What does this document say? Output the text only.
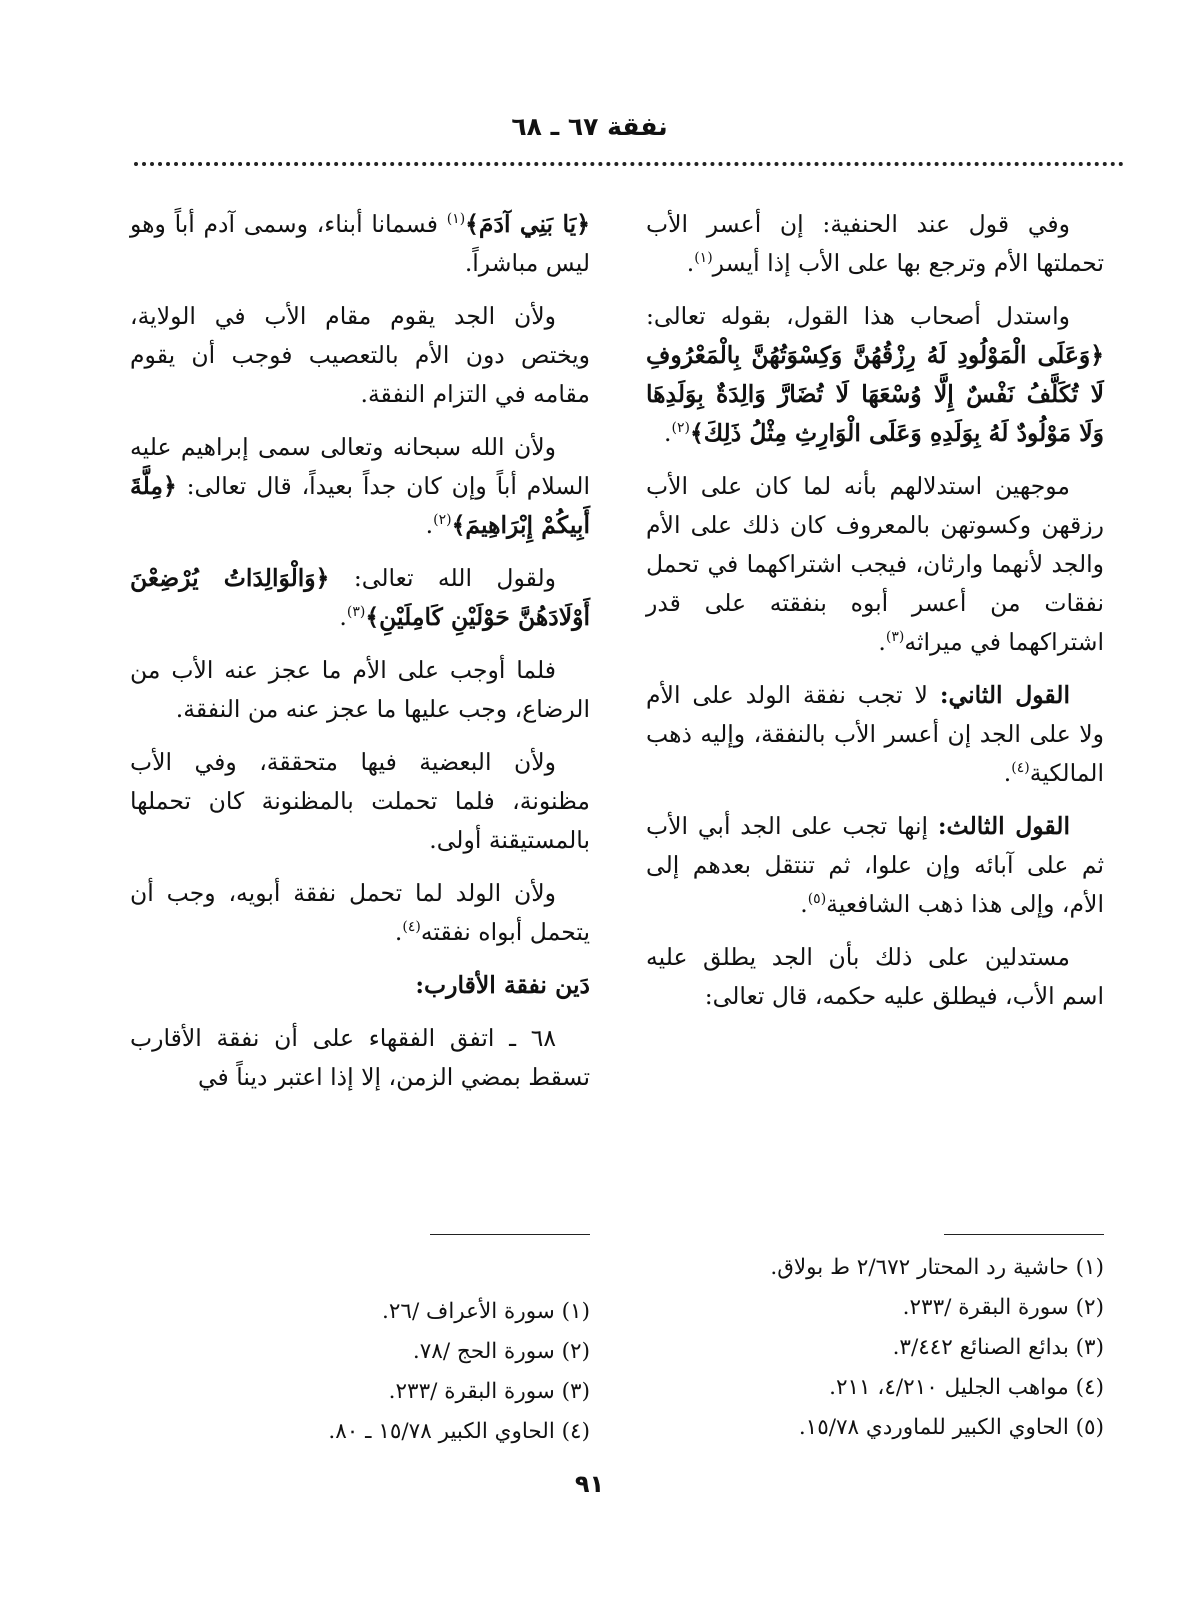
نفقة ٦٧ ـ ٦٨

وفي قول عند الحنفية: إن أعسر الأب تحملتها الأم وترجع بها على الأب إذا أيسر$^{(١)}$.

واستدل أصحاب هذا القول، بقوله تعالى: ﴿وَعَلَى الْمَوْلُودِ لَهُ رِزْقُهُنَّ وَكِسْوَتُهُنَّ بِالْمَعْرُوفِ لَا تُكَلَّفُ نَفْسٌ إِلَّا وُسْعَهَا لَا تُضَارَّ وَالِدَةٌ بِوَلَدِهَا وَلَا مَوْلُودٌ لَهُ بِوَلَدِهِ وَعَلَى الْوَارِثِ مِثْلُ ذَلِكَ﴾$^{(٢)}$.

موجهين استدلالهم بأنه لما كان على الأب رزقهن وكسوتهن بالمعروف كان ذلك على الأم والجد لأنهما وارثان، فيجب اشتراكهما في تحمل نفقات من أعسر أبوه بنفقته على قدر اشتراكهما في ميراثه$^{(٣)}$.

القول الثاني: لا تجب نفقة الولد على الأم ولا على الجد إن أعسر الأب بالنفقة، وإليه ذهب المالكية$^{(٤)}$.

القول الثالث: إنها تجب على الجد أبي الأب ثم على آبائه وإن علوا، ثم تنتقل بعدهم إلى الأم، وإلى هذا ذهب الشافعية$^{(٥)}$.

مستدلين على ذلك بأن الجد يطلق عليه اسم الأب، فيطلق عليه حكمه، قال تعالى:

﴿يَا بَنِي آدَمَ﴾$^{(١)}$ فسمانا أبناء، وسمى آدم أباً وهو ليس مباشراً.

ولأن الجد يقوم مقام الأب في الولاية، ويختص دون الأم بالتعصيب فوجب أن يقوم مقامه في التزام النفقة.

ولأن الله سبحانه وتعالى سمى إبراهيم عليه السلام أباً وإن كان جداً بعيداً، قال تعالى: ﴿مِلَّةَ أَبِيكُمْ إِبْرَاهِيمَ﴾$^{(٢)}$.

ولقول الله تعالى: ﴿وَالْوَالِدَاتُ يُرْضِعْنَ أَوْلَادَهُنَّ حَوْلَيْنِ كَامِلَيْنِ﴾$^{(٣)}$.

فلما أوجب على الأم ما عجز عنه الأب من الرضاع، وجب عليها ما عجز عنه من النفقة.

ولأن البعضية فيها متحققة، وفي الأب مظنونة، فلما تحملت بالمظنونة كان تحملها بالمستيقنة أولى.

ولأن الولد لما تحمل نفقة أبويه، وجب أن يتحمل أبواه نفقته$^{(٤)}$.

دَين نفقة الأقارب:

٦٨ ـ اتفق الفقهاء على أن نفقة الأقارب تسقط بمضي الزمن، إلا إذا اعتبر ديناً في

(١) حاشية رد المحتار ٢/٦٧٢ ط بولاق.
(٢) سورة البقرة /٢٣٣.
(٣) بدائع الصنائع ٣/٤٤٢.
(٤) مواهب الجليل ٤/٢١٠، ٢١١.
(٥) الحاوي الكبير للماوردي ١٥/٧٨.
(١) سورة الأعراف /٢٦.
(٢) سورة الحج /٧٨.
(٣) سورة البقرة /٢٣٣.
(٤) الحاوي الكبير ١٥/٧٨ ـ ٨٠.
٩١
